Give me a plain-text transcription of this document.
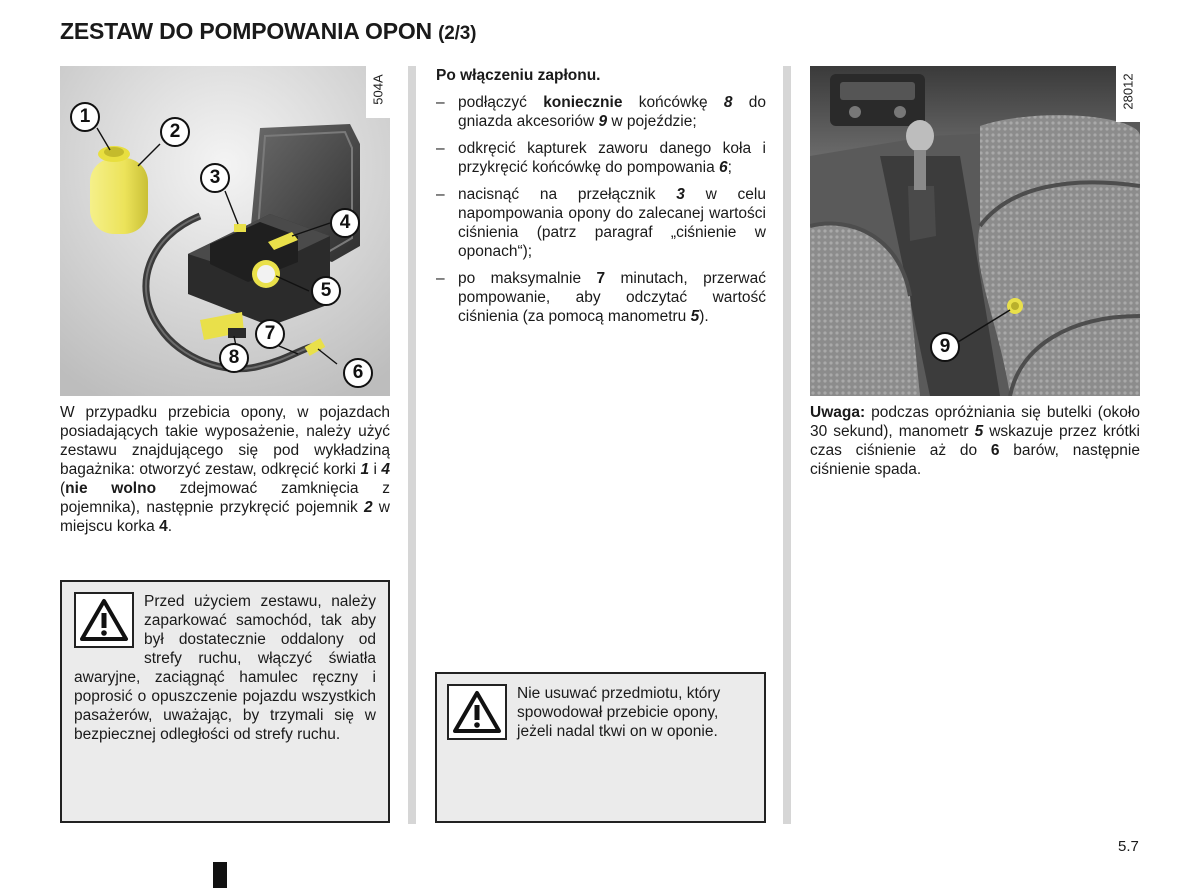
ZESTAW DO POMPOWANIA OPON (2/3)
504A
1
2
3
4
5
6
7
8
W przypadku przebicia opony, w pojazdach posiadających takie wyposażenie, należy użyć zestawu znajdującego się pod wykładziną bagażnika: otworzyć zestaw, odkręcić korki 1 i 4 (nie wolno zdejmować zamknięcia z pojemnika), następnie przykręcić pojemnik 2 w miejscu korka 4.
Przed użyciem zestawu, należy zaparkować samochód, tak aby był dostatecznie oddalony od strefy ruchu, włączyć światła awaryjne, zaciągnąć hamulec ręczny i poprosić o opuszczenie pojazdu wszystkich pasażerów, uważając, by trzymali się w bezpiecznej odległości od strefy ruchu.
Po włączeniu zapłonu.
– podłączyć koniecznie końcówkę 8 do gniazda akcesoriów 9 w pojeździe;
– odkręcić kapturek zaworu danego koła i przykręcić końcówkę do pompowania 6;
– nacisnąć na przełącznik 3 w celu napompowania opony do zalecanej wartości ciśnienia (patrz paragraf „ciśnienie w oponach“);
– po maksymalnie 7 minutach, przerwać pompowanie, aby odczytać wartość ciśnienia (za pomocą manometru 5).
Nie usuwać przedmiotu, który spowodował przebicie opony, jeżeli nadal tkwi on w oponie.
28012
9
Uwaga: podczas opróżniania się butelki (około 30 sekund), manometr 5 wskazuje przez krótki czas ciśnienie aż do 6 barów, następnie ciśnienie spada.
5.7
